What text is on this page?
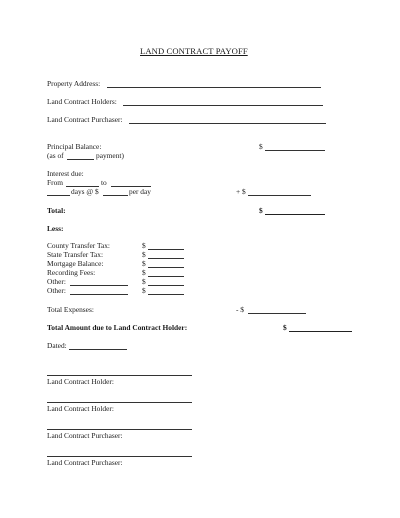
LAND CONTRACT PAYOFF
Property Address:
Land Contract Holders:
Land Contract Purchaser:
Principal Balance:	$
(as of	payment)
Interest due:
From	to
days @ $	per day	+ $
Total:	$
Less:
County Transfer Tax:	$
State Transfer Tax:	$
Mortgage Balance:	$
Recording Fees:	$
Other:	$
Other:	$
Total Expenses:	- $
Total Amount due to Land Contract Holder:	$
Dated:
Land Contract Holder:
Land Contract Holder:
Land Contract Purchaser:
Land Contract Purchaser:
